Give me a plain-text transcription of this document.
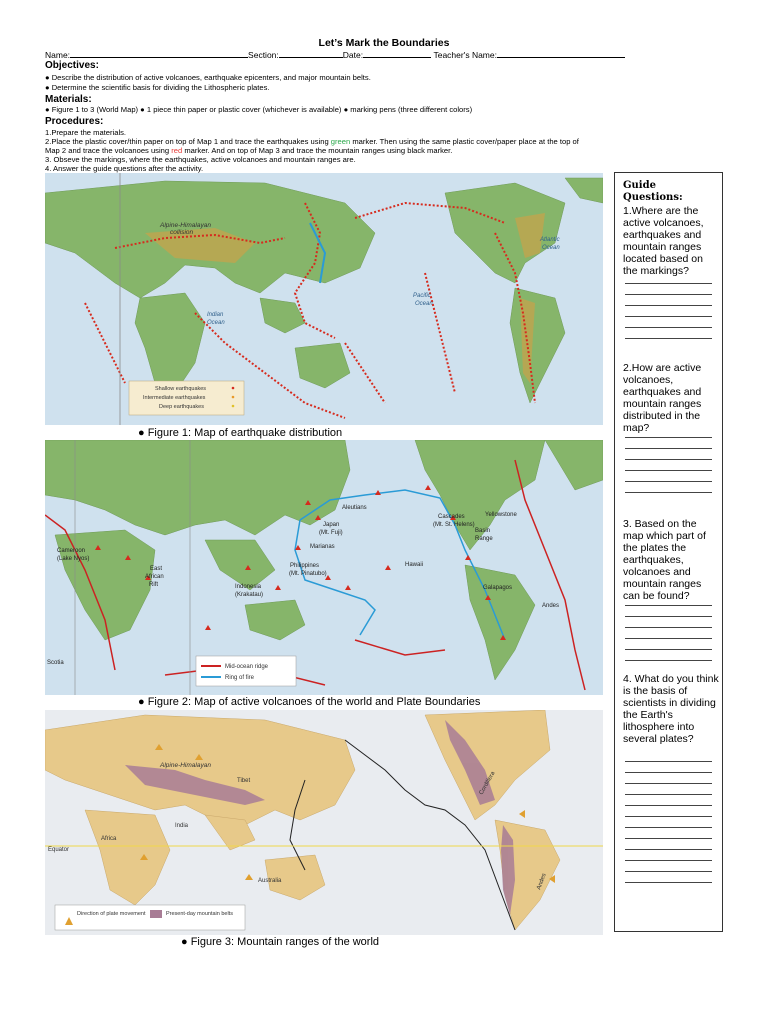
Let’s Mark the Boundaries
Name:	Section:	Date:	Teacher's Name:
Objectives:
● Describe the distribution of active volcanoes, earthquake epicenters, and major mountain belts.
● Determine the scientific basis for dividing the Lithospheric plates.
Materials:
● Figure 1 to 3 (World Map) ● 1 piece thin paper or plastic cover (whichever is available) ● marking pens (three different colors)
Procedures:
1.Prepare the materials.
2.Place the plastic cover/thin paper on top of Map 1 and trace the earthquakes using green marker. Then using the same plastic cover/paper place at the top of
Map 2 and trace the volcanoes using red marker. And on top of Map 3 and trace the mountain ranges using black marker.
3. Obseve the markings, where the earthquakes, active volcanoes and mountain ranges are.
4. Answer the guide questions after the activity.
Alpine-Himalayan
collision
Atlantic
Ocean
Pacific
Ocean
Indian
Ocean
Shallow earthquakes
Intermediate earthquakes
Deep earthquakes
● Figure 1: Map of earthquake distribution
Aleutians
Cascades
(Mt. St. Helens)
Yellowstone
Basin
Range
Japan
(Mt. Fuji)
Marianas
Philippines
(Mt. Pinatubo)
Hawaii
Cameroon
(Lake Nyos)
East
African
Rift	Indonesia
(Krakatau)
Galapagos
Andes
Scotia
Mid-ocean ridge
Ring of fire
● Figure 2: Map of active volcanoes of the world and Plate Boundaries
Alpine-Himalayan
Tibet
India
Africa
Equator
Australia
Cordillera
Andes
Direction of plate movement	Present-day mountain belts
● Figure 3: Mountain ranges of the world
Guide Questions:
1.Where are the active volcanoes, earthquakes and mountain ranges located based on the markings?
2.How are active volcanoes, earthquakes and mountain ranges distributed in the map?
3. Based on the map which part of the plates the earthquakes, volcanoes and mountain ranges can be found?
4. What do you think is the basis of scientists in dividing the Earth's lithosphere into several plates?
